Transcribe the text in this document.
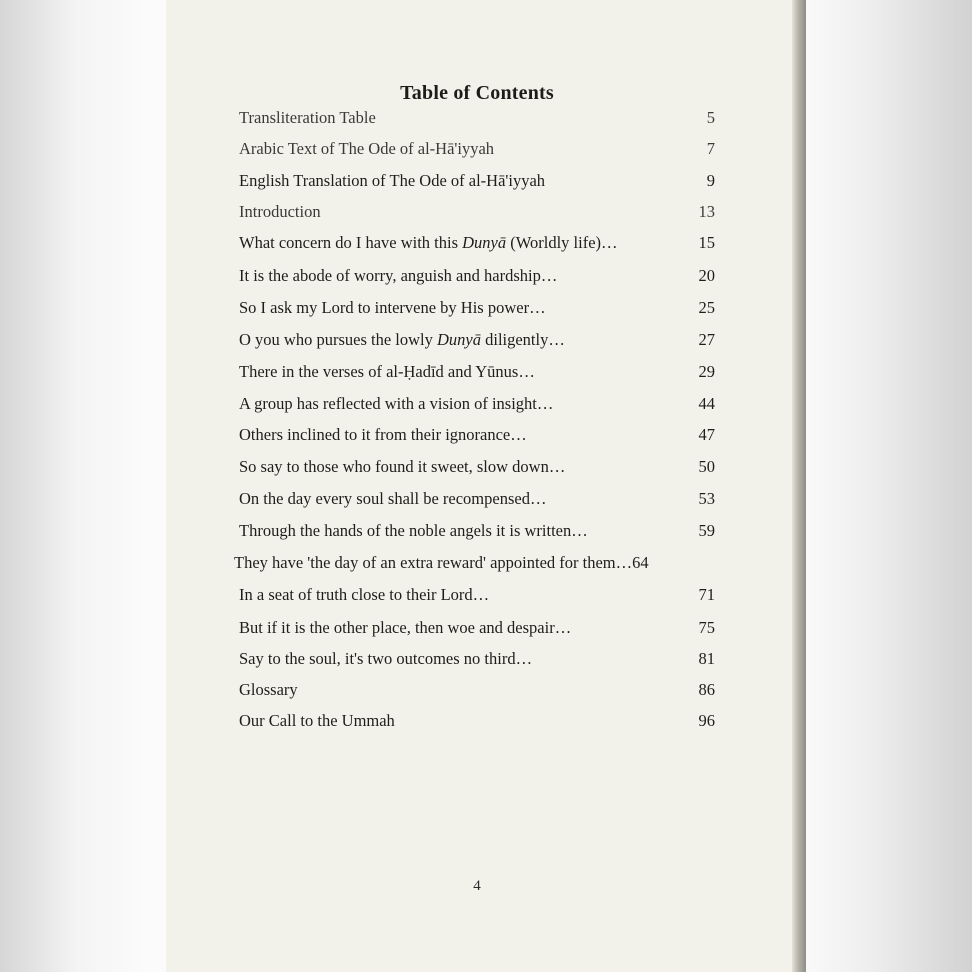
Table of Contents
Transliteration Table	5
Arabic Text of The Ode of al-Hā'iyyah	7
English Translation of The Ode of al-Hā'iyyah	9
Introduction	13
What concern do I have with this Dunyā (Worldly life)…	15
It is the abode of worry, anguish and hardship…	20
So I ask my Lord to intervene by His power…	25
O you who pursues the lowly Dunyā diligently…	27
There in the verses of al-Ḥadīd and Yūnus…	29
A group has reflected with a vision of insight…	44
Others inclined to it from their ignorance…	47
So say to those who found it sweet, slow down…	50
On the day every soul shall be recompensed…	53
Through the hands of the noble angels it is written…	59
They have 'the day of an extra reward' appointed for them…64
In a seat of truth close to their Lord…	71
But if it is the other place, then woe and despair…	75
Say to the soul, it's two outcomes no third…	81
Glossary	86
Our Call to the Ummah	96
4
